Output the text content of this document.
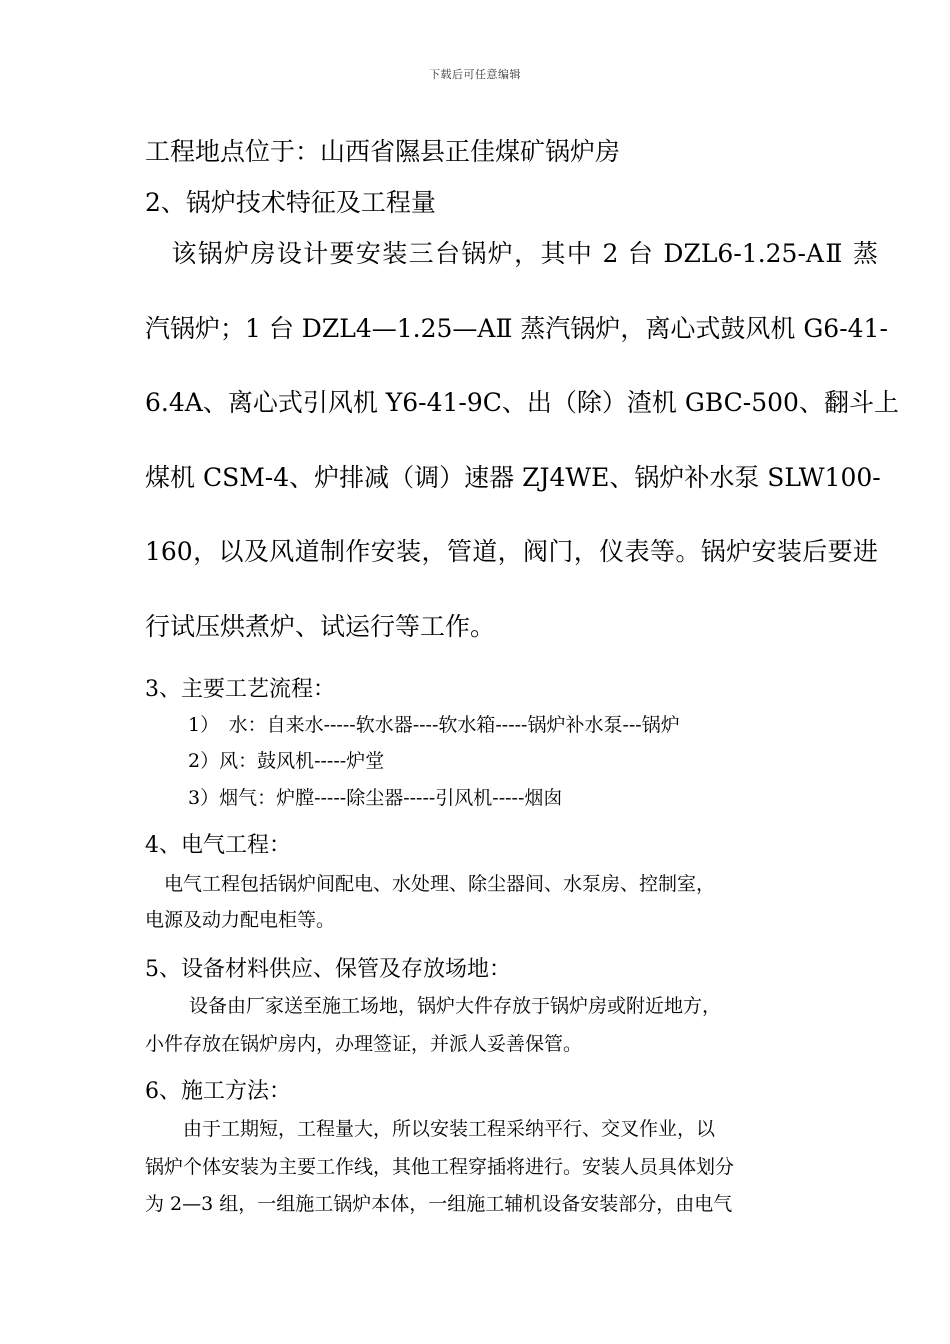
下载后可任意编辑
工程地点位于：山西省隰县正佳煤矿锅炉房
2、锅炉技术特征及工程量
　该锅炉房设计要安装三台锅炉，其中 2 台 DZL6-1.25-AⅡ 蒸
汽锅炉；1 台 DZL4—1.25—AⅡ 蒸汽锅炉，离心式鼓风机 G6-41-
6.4A、离心式引风机 Y6-41-9C、出（除）渣机 GBC-500、翻斗上
煤机 CSM-4、炉排减（调）速器 ZJ4WE、锅炉补水泵 SLW100-
160，以及风道制作安装，管道，阀门，仪表等。锅炉安装后要进
行试压烘煮炉、试运行等工作。
3、主要工艺流程：
1）　水：自来水-----软水器----软水箱-----锅炉补水泵---锅炉
2）风：鼓风机-----炉堂
3）烟气：炉膛-----除尘器-----引风机-----烟囱
4、电气工程：
　电气工程包括锅炉间配电、水处理、除尘器间、水泵房、控制室，
电源及动力配电柜等。
5、设备材料供应、保管及存放场地：
　　 设备由厂家送至施工场地，锅炉大件存放于锅炉房或附近地方，
小件存放在锅炉房内，办理签证，并派人妥善保管。
6、施工方法：
　　由于工期短，工程量大，所以安装工程采纳平行、交叉作业，以
锅炉个体安装为主要工作线，其他工程穿插将进行。安装人员具体划分
为 2—3 组，一组施工锅炉本体，一组施工辅机设备安装部分，由电气
